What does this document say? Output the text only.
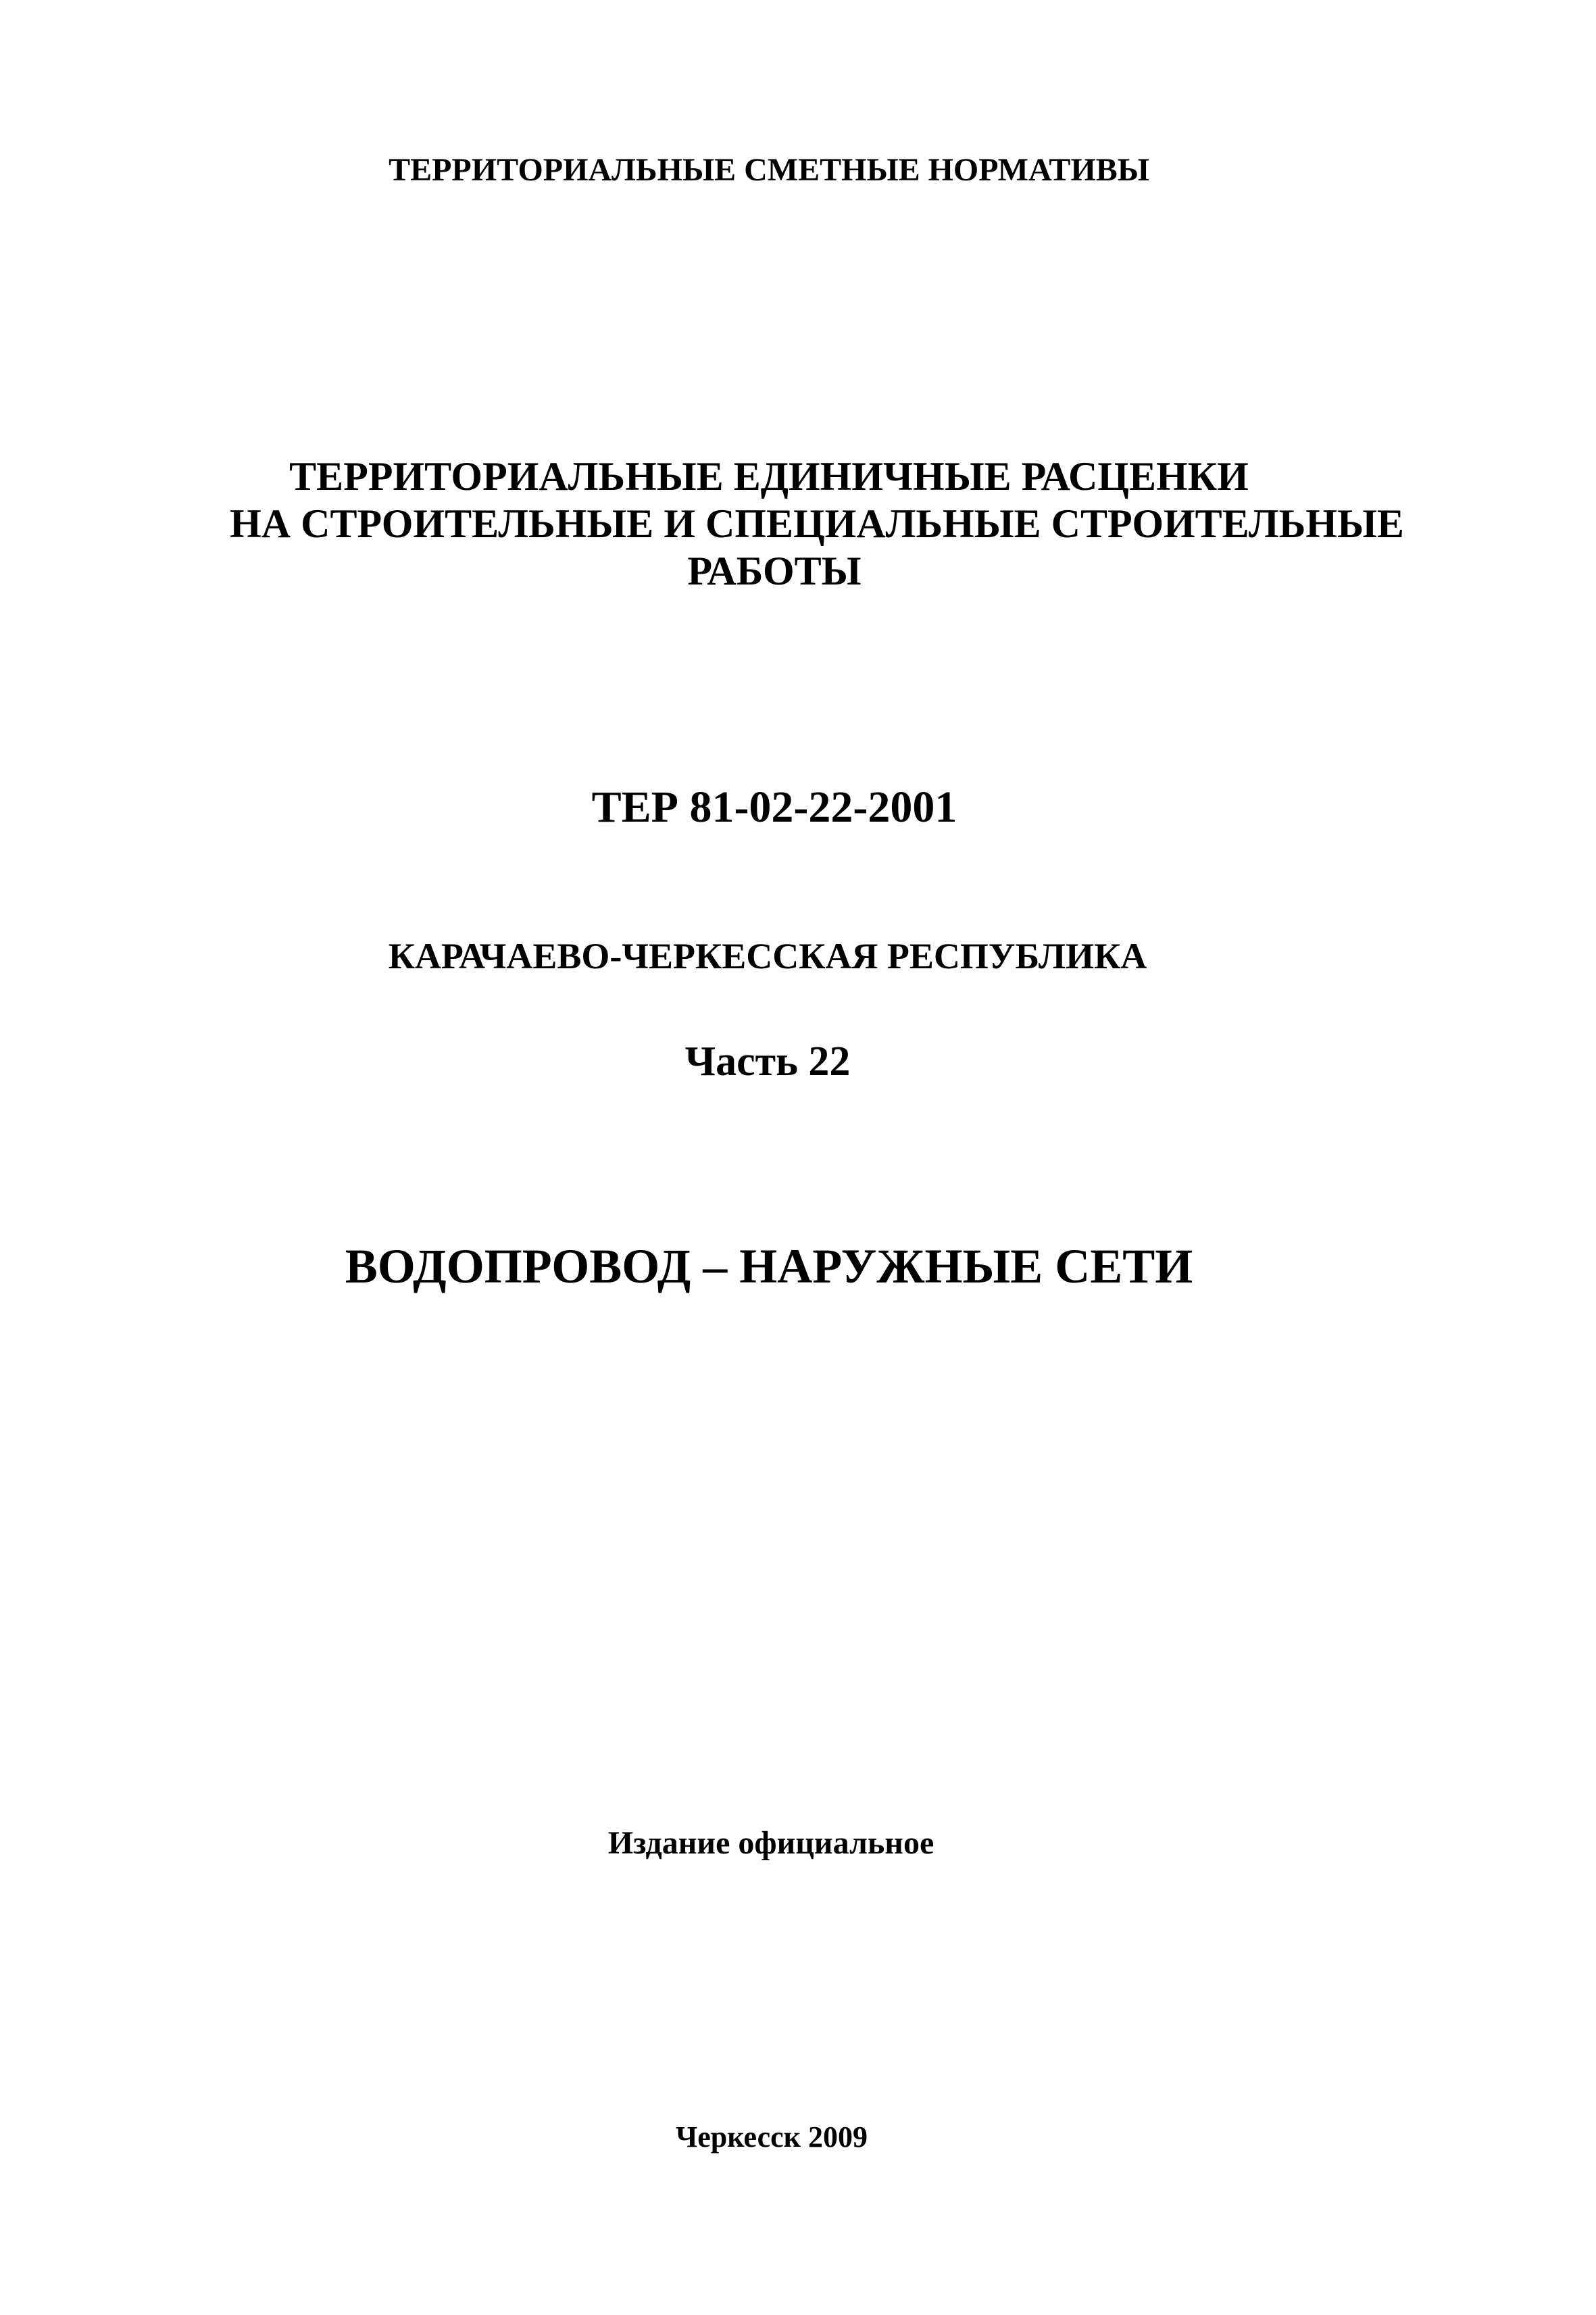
ТЕРРИТОРИАЛЬНЫЕ СМЕТНЫЕ НОРМАТИВЫ

ТЕРРИТОРИАЛЬНЫЕ ЕДИНИЧНЫЕ РАСЦЕНКИ

НА СТРОИТЕЛЬНЫЕ И СПЕЦИАЛЬНЫЕ СТРОИТЕЛЬНЫЕ

РАБОТЫ

ТЕР 81-02-22-2001

КАРАЧАЕВО-ЧЕРКЕССКАЯ РЕСПУБЛИКА

Часть 22

ВОДОПРОВОД – НАРУЖНЫЕ СЕТИ

Издание официальное

Черкесск 2009
